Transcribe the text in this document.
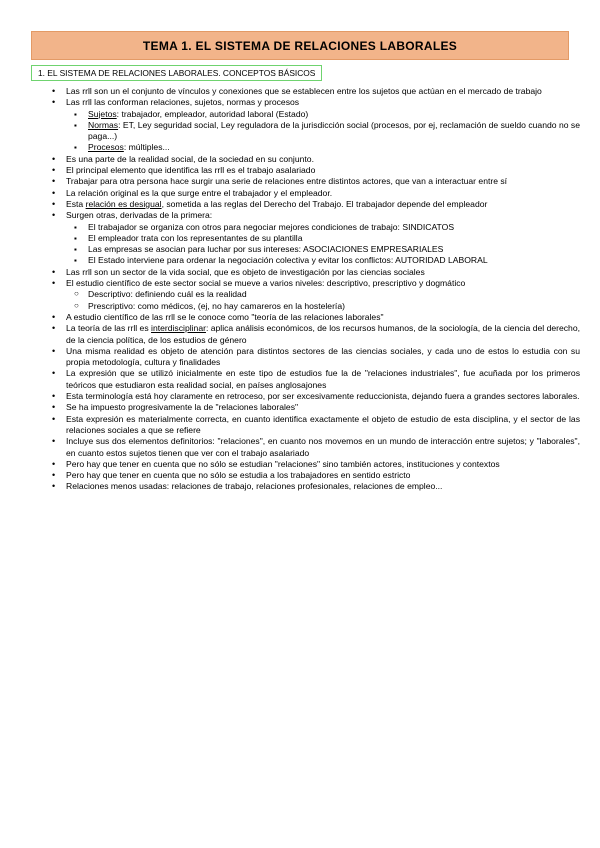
TEMA 1. EL SISTEMA DE RELACIONES LABORALES
1. EL SISTEMA DE RELACIONES LABORALES. CONCEPTOS BÁSICOS
• Las rrll son un el conjunto de vínculos y conexiones que se establecen entre los sujetos que actúan en el mercado de trabajo
• Las rrll las conforman relaciones, sujetos, normas y procesos
▪ Sujetos: trabajador, empleador, autoridad laboral (Estado)
▪ Normas: ET, Ley seguridad social, Ley reguladora de la jurisdicción social (procesos, por ej, reclamación de sueldo cuando no se paga...)
▪ Procesos: múltiples...
• Es una parte de la realidad social, de la sociedad en su conjunto.
• El principal elemento que identifica las rrll es el trabajo asalariado
• Trabajar para otra persona hace surgir una serie de relaciones entre distintos actores, que van a interactuar entre sí
• La relación original es la que surge entre el trabajador y el empleador.
• Esta relación es desigual, sometida a las reglas del Derecho del Trabajo. El trabajador depende del empleador
• Surgen otras, derivadas de la primera:
▪ El trabajador se organiza con otros para negociar mejores condiciones de trabajo: SINDICATOS
▪ El empleador trata con los representantes de su plantilla
▪ Las empresas se asocian para luchar por sus intereses: ASOCIACIONES EMPRESARIALES
▪ El Estado interviene para ordenar la negociación colectiva y evitar los conflictos: AUTORIDAD LABORAL
• Las rrll son un sector de la vida social, que es objeto de investigación por las ciencias sociales
• El estudio científico de este sector social se mueve a varios niveles: descriptivo, prescriptivo y dogmático
○ Descriptivo: definiendo cuál es la realidad
○ Prescriptivo: como médicos, (ej, no hay camareros en la hostelería)
• A estudio científico de las rrll se le conoce como "teoría de las relaciones laborales"
• La teoría de las rrll es interdisciplinar: aplica análisis económicos, de los recursos humanos, de la sociología, de la ciencia del derecho, de la ciencia política, de los estudios de género
• Una misma realidad es objeto de atención para distintos sectores de las ciencias sociales, y cada uno de estos lo estudia con su propia metodología, cultura y finalidades
• La expresión que se utilizó inicialmente en este tipo de estudios fue la de "relaciones industriales", fue acuñada por los primeros teóricos que estudiaron esta realidad social, en países anglosajones
• Esta terminología está hoy claramente en retroceso, por ser excesivamente reduccionista, dejando fuera a grandes sectores laborales.
• Se ha impuesto progresivamente la de "relaciones laborales"
• Esta expresión es materialmente correcta, en cuanto identifica exactamente el objeto de estudio de esta disciplina, y el sector de las relaciones sociales a que se refiere
• Incluye sus dos elementos definitorios: "relaciones", en cuanto nos movemos en un mundo de interacción entre sujetos; y "laborales", en cuanto estos sujetos tienen que ver con el trabajo asalariado
• Pero hay que tener en cuenta que no sólo se estudian "relaciones" sino también actores, instituciones y contextos
• Pero hay que tener en cuenta que no sólo se estudia a los trabajadores en sentido estricto
• Relaciones menos usadas: relaciones de trabajo, relaciones profesionales, relaciones de empleo...
